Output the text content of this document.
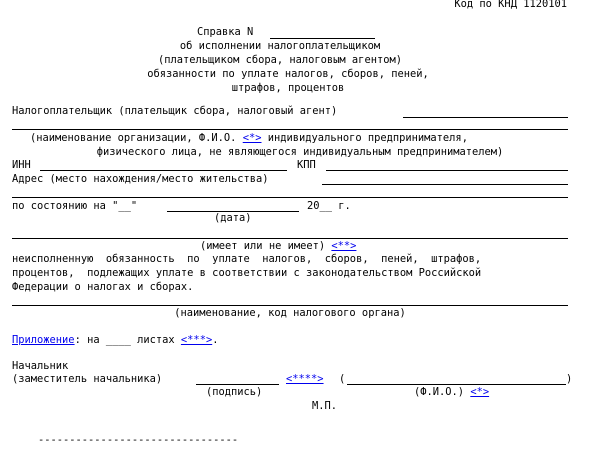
Код по КНД 1120101
Справка N
об исполнении налогоплательщиком
(плательщиком сбора, налоговым агентом)
обязанности по уплате налогов, сборов, пеней,
штрафов, процентов
Налогоплательщик (плательщик сбора, налоговый агент)
(наименование организации, Ф.И.О. <*> индивидуального предпринимателя,
физического лица, не являющегося индивидуальным предпринимателем)
ИНН	КПП
Адрес (место нахождения/место жительства)
по состоянию на "__"	20__ г.
(дата)
(имеет или не имеет) <**>
неисполненную  обязанность  по  уплате  налогов,  сборов,  пеней,  штрафов,
процентов,  подлежащих уплате в соответствии с законодательством Российской
Федерации о налогах и сборах.
(наименование, код налогового органа)
Приложение: на ____ листах <***>.
Начальник
(заместитель начальника)	<****> (	)
(подпись)	(Ф.И.О.) <*>
М.П.
--------------------------------
